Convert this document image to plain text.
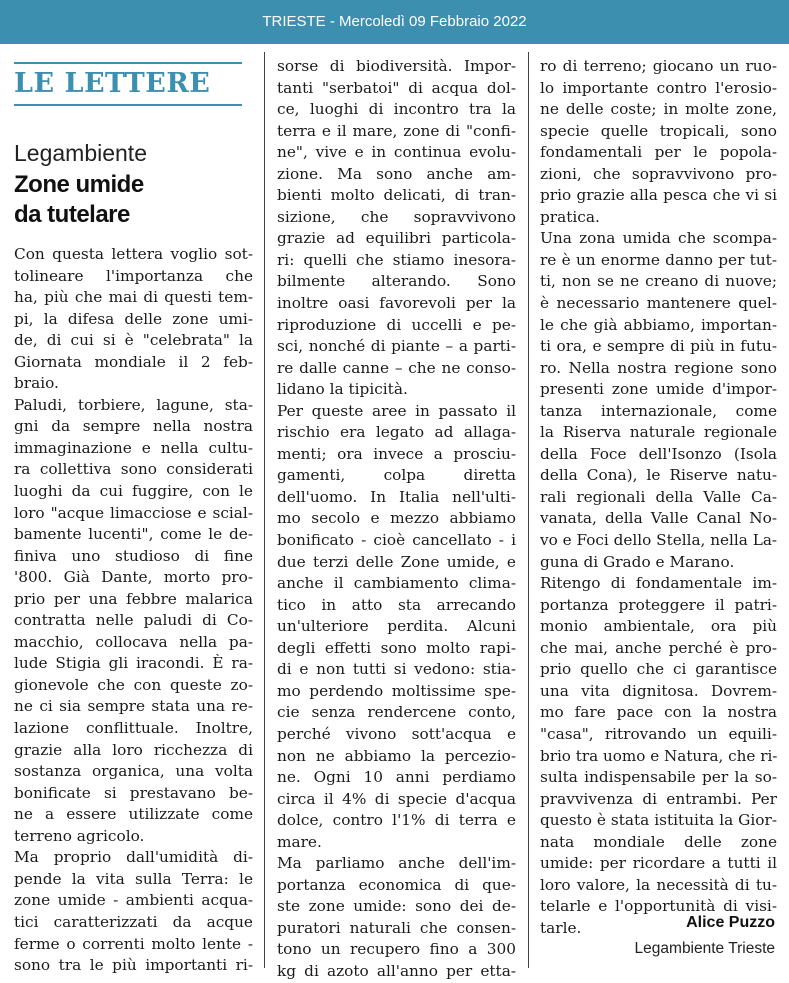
TRIESTE - Mercoledì 09 Febbraio 2022
LE LETTERE
Legambiente
Zone umide
da tutelare
Con questa lettera voglio sot-
tolineare l'importanza che
ha, più che mai di questi tem-
pi, la difesa delle zone umi-
de, di cui si è "celebrata" la
Giornata mondiale il 2 feb-
braio.
Paludi, torbiere, lagune, sta-
gni da sempre nella nostra
immaginazione e nella cultu-
ra collettiva sono considerati
luoghi da cui fuggire, con le
loro "acque limacciose e scial-
bamente lucenti", come le de-
finiva uno studioso di fine
'800. Già Dante, morto pro-
prio per una febbre malarica
contratta nelle paludi di Co-
macchio, collocava nella pa-
lude Stigia gli iracondi. È ra-
gionevole che con queste zo-
ne ci sia sempre stata una re-
lazione conflittuale. Inoltre,
grazie alla loro ricchezza di
sostanza organica, una volta
bonificate si prestavano be-
ne a essere utilizzate come
terreno agricolo.
Ma proprio dall'umidità di-
pende la vita sulla Terra: le
zone umide - ambienti acqua-
tici caratterizzati da acque
ferme o correnti molto lente -
sono tra le più importanti ri-
sorse di biodiversità. Impor-
tanti "serbatoi" di acqua dol-
ce, luoghi di incontro tra la
terra e il mare, zone di "confi-
ne", vive e in continua evolu-
zione. Ma sono anche am-
bienti molto delicati, di tran-
sizione, che sopravvivono
grazie ad equilibri particola-
ri: quelli che stiamo inesora-
bilmente alterando. Sono
inoltre oasi favorevoli per la
riproduzione di uccelli e pe-
sci, nonché di piante – a parti-
re dalle canne – che ne conso-
lidano la tipicità.
Per queste aree in passato il
rischio era legato ad allaga-
menti; ora invece a prosciu-
gamenti, colpa diretta
dell'uomo. In Italia nell'ulti-
mo secolo e mezzo abbiamo
bonificato - cioè cancellato - i
due terzi delle Zone umide, e
anche il cambiamento clima-
tico in atto sta arrecando
un'ulteriore perdita. Alcuni
degli effetti sono molto rapi-
di e non tutti si vedono: stia-
mo perdendo moltissime spe-
cie senza rendercene conto,
perché vivono sott'acqua e
non ne abbiamo la percezio-
ne. Ogni 10 anni perdiamo
circa il 4% di specie d'acqua
dolce, contro l'1% di terra e
mare.
Ma parliamo anche dell'im-
portanza economica di que-
ste zone umide: sono dei de-
puratori naturali che consen-
tono un recupero fino a 300
kg di azoto all'anno per etta-
ro di terreno; giocano un ruo-
lo importante contro l'erosio-
ne delle coste; in molte zone,
specie quelle tropicali, sono
fondamentali per le popola-
zioni, che sopravvivono pro-
prio grazie alla pesca che vi si
pratica.
Una zona umida che scompa-
re è un enorme danno per tut-
ti, non se ne creano di nuove;
è necessario mantenere quel-
le che già abbiamo, importan-
ti ora, e sempre di più in futu-
ro. Nella nostra regione sono
presenti zone umide d'impor-
tanza internazionale, come
la Riserva naturale regionale
della Foce dell'Isonzo (Isola
della Cona), le Riserve natu-
rali regionali della Valle Ca-
vanata, della Valle Canal No-
vo e Foci dello Stella, nella La-
guna di Grado e Marano.
Ritengo di fondamentale im-
portanza proteggere il patri-
monio ambientale, ora più
che mai, anche perché è pro-
prio quello che ci garantisce
una vita dignitosa. Dovrem-
mo fare pace con la nostra
"casa", ritrovando un equili-
brio tra uomo e Natura, che ri-
sulta indispensabile per la so-
pravvivenza di entrambi. Per
questo è stata istituita la Gior-
nata mondiale delle zone
umide: per ricordare a tutti il
loro valore, la necessità di tu-
telarle e l'opportunità di visi-
tarle.	Alice Puzzo
Legambiente Trieste
